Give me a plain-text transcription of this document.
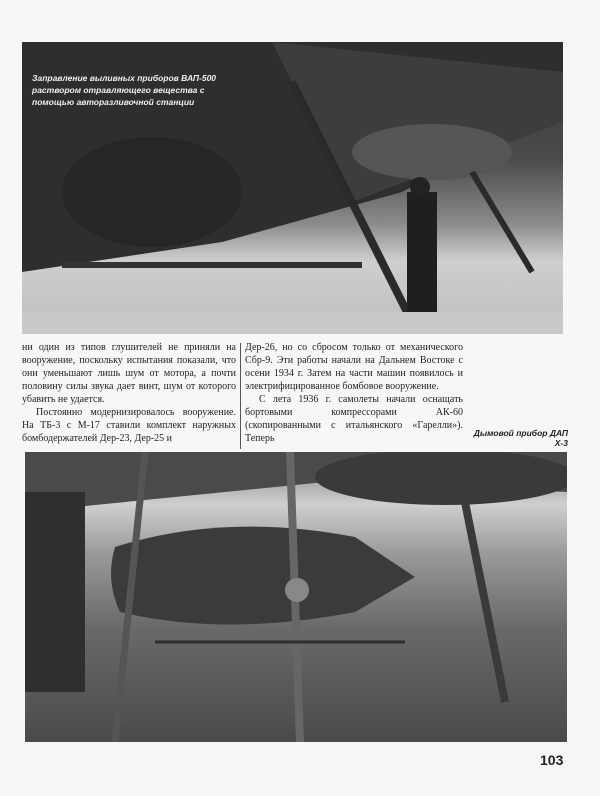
Заправление выливных приборов ВАП-500 раствором отравляющего вещества с помощью авторазливочной станции

ни один из типов глушителей не приняли на вооружение, поскольку испытания показали, что они уменьшают лишь шум от мотора, а почти половину силы звука дает винт, шум от которого убавить не удается.

Постоянно модернизировалось вооружение. На ТБ-3 с М-17 ставили комплект наружных бомбодержателей Дер-23, Дер-25 и

Дер-26, но со сбросом только от механического Сбр-9. Эти работы начали на Дальнем Востоке с осени 1934 г. Затем на части машин появилось и электрифицированное бомбовое вооружение.

С лета 1936 г. самолеты начали оснащать бортовыми компрессорами АК-60 (скопированными с итальянского «Гарелли»). Теперь	Дымовой прибор ДАП Х-3
103
